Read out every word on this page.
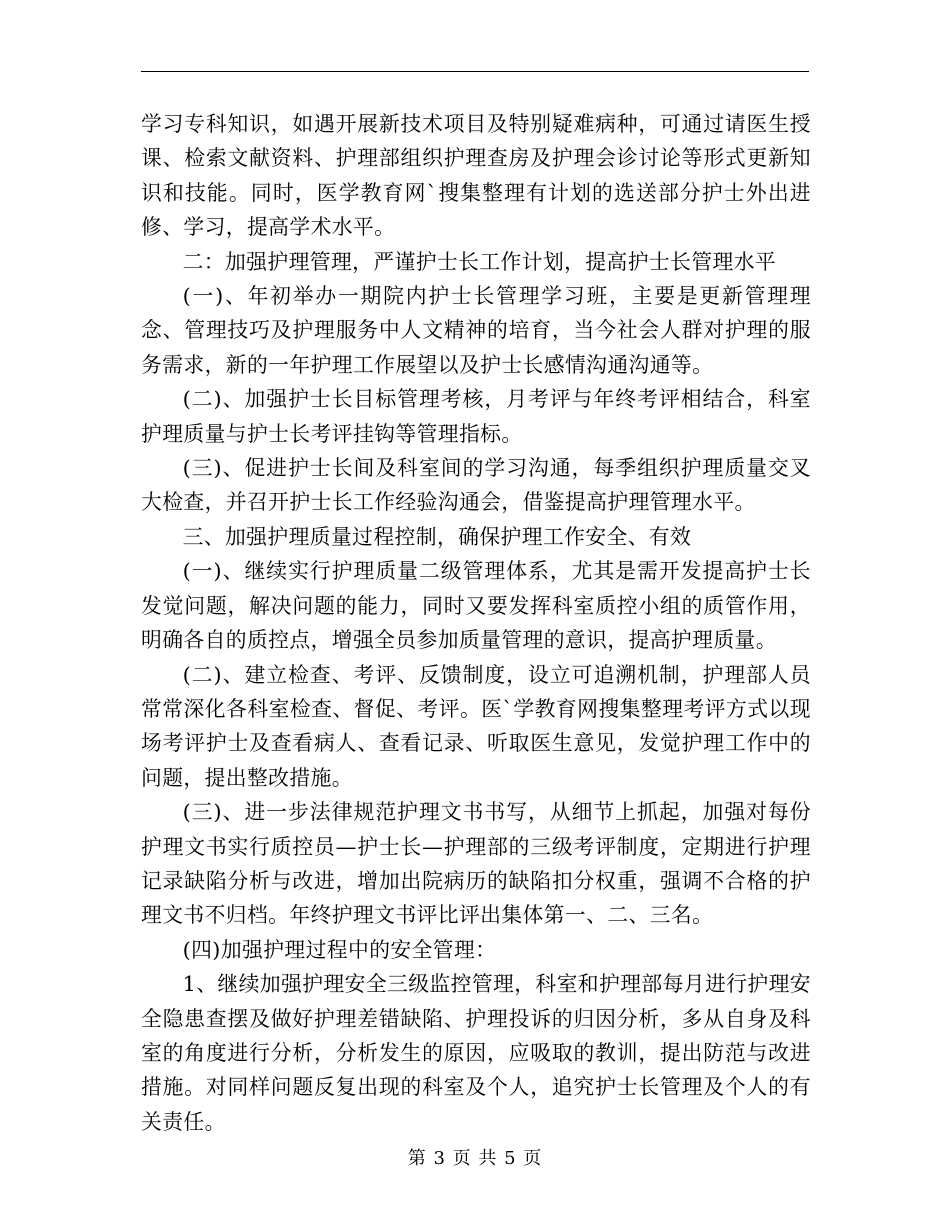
学习专科知识，如遇开展新技术项目及特别疑难病种，可通过请医生授课、检索文献资料、护理部组织护理查房及护理会诊讨论等形式更新知识和技能。同时，医学教育网`搜集整理有计划的选送部分护士外出进修、学习，提高学术水平。

二：加强护理管理，严谨护士长工作计划，提高护士长管理水平

(一)、年初举办一期院内护士长管理学习班，主要是更新管理理念、管理技巧及护理服务中人文精神的培育，当今社会人群对护理的服务需求，新的一年护理工作展望以及护士长感情沟通沟通等。

(二)、加强护士长目标管理考核，月考评与年终考评相结合，科室护理质量与护士长考评挂钩等管理指标。

(三)、促进护士长间及科室间的学习沟通，每季组织护理质量交叉大检查，并召开护士长工作经验沟通会，借鉴提高护理管理水平。

三、加强护理质量过程控制，确保护理工作安全、有效

(一)、继续实行护理质量二级管理体系，尤其是需开发提高护士长发觉问题，解决问题的能力，同时又要发挥科室质控小组的质管作用，明确各自的质控点，增强全员参加质量管理的意识，提高护理质量。

(二)、建立检查、考评、反馈制度，设立可追溯机制，护理部人员常常深化各科室检查、督促、考评。医`学教育网搜集整理考评方式以现场考评护士及查看病人、查看记录、听取医生意见，发觉护理工作中的问题，提出整改措施。

(三)、进一步法律规范护理文书书写，从细节上抓起，加强对每份护理文书实行质控员—护士长—护理部的三级考评制度，定期进行护理记录缺陷分析与改进，增加出院病历的缺陷扣分权重，强调不合格的护理文书不归档。年终护理文书评比评出集体第一、二、三名。

(四)加强护理过程中的安全管理：

1、继续加强护理安全三级监控管理，科室和护理部每月进行护理安全隐患查摆及做好护理差错缺陷、护理投诉的归因分析，多从自身及科室的角度进行分析，分析发生的原因，应吸取的教训，提出防范与改进措施。对同样问题反复出现的科室及个人，追究护士长管理及个人的有关责任。

第 3 页 共 5 页
